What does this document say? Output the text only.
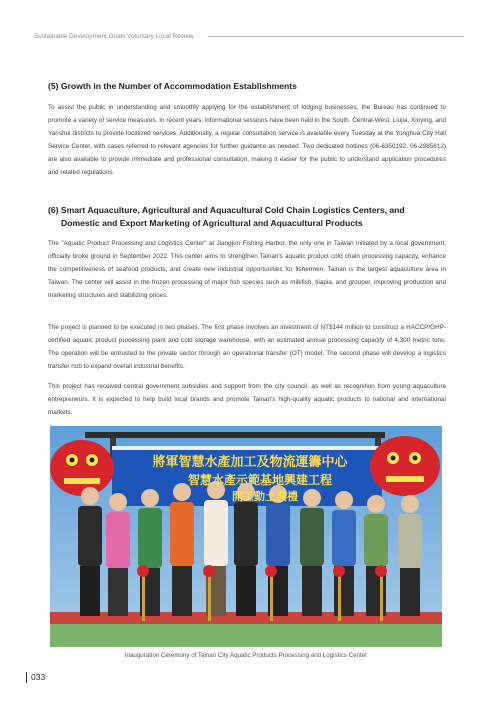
Sustainable Development Goals Voluntary Local Review
(5) Growth in the Number of Accommodation Establishments

To assist the public in understanding and smoothly applying for the establishment of lodging businesses, the Bureau has continued to promote a variety of service measures. In recent years, informational sessions have been held in the South, Central-West, Liujia, Xinying, and Yanshui districts to provide localized services. Additionally, a regular consultation service is available every Tuesday at the Yonghua City Hall Service Center, with cases referred to relevant agencies for further guidance as needed. Two dedicated hotlines (06-6350192, 06-2985812) are also available to provide immediate and professional consultation, making it easier for the public to understand application procedures and related regulations.

(6) Smart Aquaculture, Agricultural and Aquacultural Cold Chain Logistics Centers, and
Domestic and Export Marketing of Agricultural and Aquacultural Products

The "Aquatic Product Processing and Logistics Center" at Jiangjun Fishing Harbor, the only one in Taiwan initiated by a local government, officially broke ground in September 2022. This center aims to strengthen Tainan's aquatic product cold chain processing capacity, enhance the competitiveness of seafood products, and create new industrial opportunities for fishermen. Tainan is the largest aquaculture area in Taiwan. The center will assist in the frozen processing of major fish species such as milkfish, tilapia, and grouper, improving production and marketing structures and stabilizing prices.

The project is planned to be executed in two phases. The first phase involves an investment of NT$144 million to construct a HACCP/GHP-certified aquatic product processing plant and cold storage warehouse, with an estimated annual processing capacity of 4,300 metric tons. The operation will be entrusted to the private sector through an operational transfer (OT) model. The second phase will develop a logistics transfer hub to expand overall industrial benefits.

This project has received central government subsidies and support from the city council, as well as recognition from young aquaculture entrepreneurs. It is expected to help build local brands and promote Tainan's high-quality aquatic products to national and international markets.

將軍智慧水產加工及物流運籌中心
智慧水產示範基地興建工程
開工動土典禮
Inauguration Ceremony of Tainan City Aquatic Products Processing and Logistics Center
033
